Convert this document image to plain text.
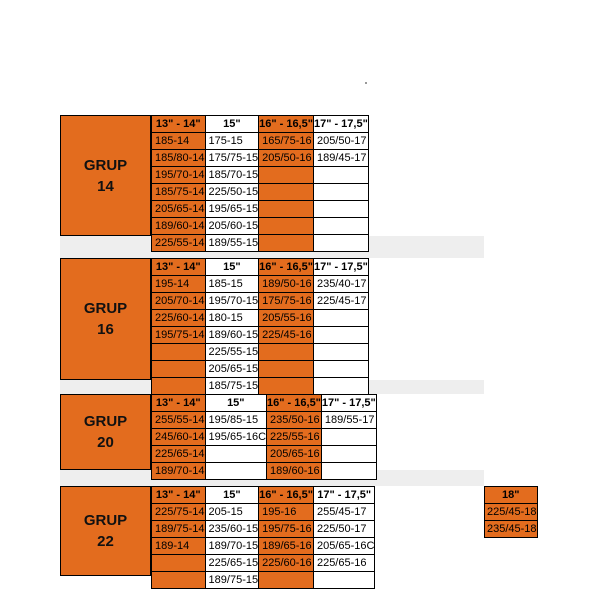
GRUP
14
13" - 14"	15"	16" - 16,5"	17" - 17,5"
185-14	175-15	165/75-16	205/50-17
185/80-14	175/75-15	205/50-16	189/45-17
195/70-14	185/70-15		
185/75-14	225/50-15		
205/65-14	195/65-15		
189/60-14	205/60-15		
225/55-14	189/55-15		
GRUP
16
13" - 14"	15"	16" - 16,5"	17" - 17,5"
195-14	185-15	189/50-16	235/40-17
205/70-14	195/70-15	175/75-16	225/45-17
225/60-14	180-15	205/55-16	
195/75-14	189/60-15	225/45-16	
	225/55-15		
	205/65-15		
	185/75-15		
GRUP
20
13" - 14"	15"	16" - 16,5"	17" - 17,5"
255/55-14	195/85-15	235/50-16	189/55-17
245/60-14	195/65-16C	225/55-16	
225/65-14		205/65-16	
189/70-14		189/60-16	
GRUP
22
13" - 14"	15"	16" - 16,5"	17" - 17,5"
225/75-14	205-15	195-16	255/45-17
189/75-14	235/60-15	195/75-16	225/50-17
189-14	189/70-15	189/65-16	205/65-16C
	225/65-15	225/60-16	225/65-16
	189/75-15		
18"
225/45-18
235/45-18
